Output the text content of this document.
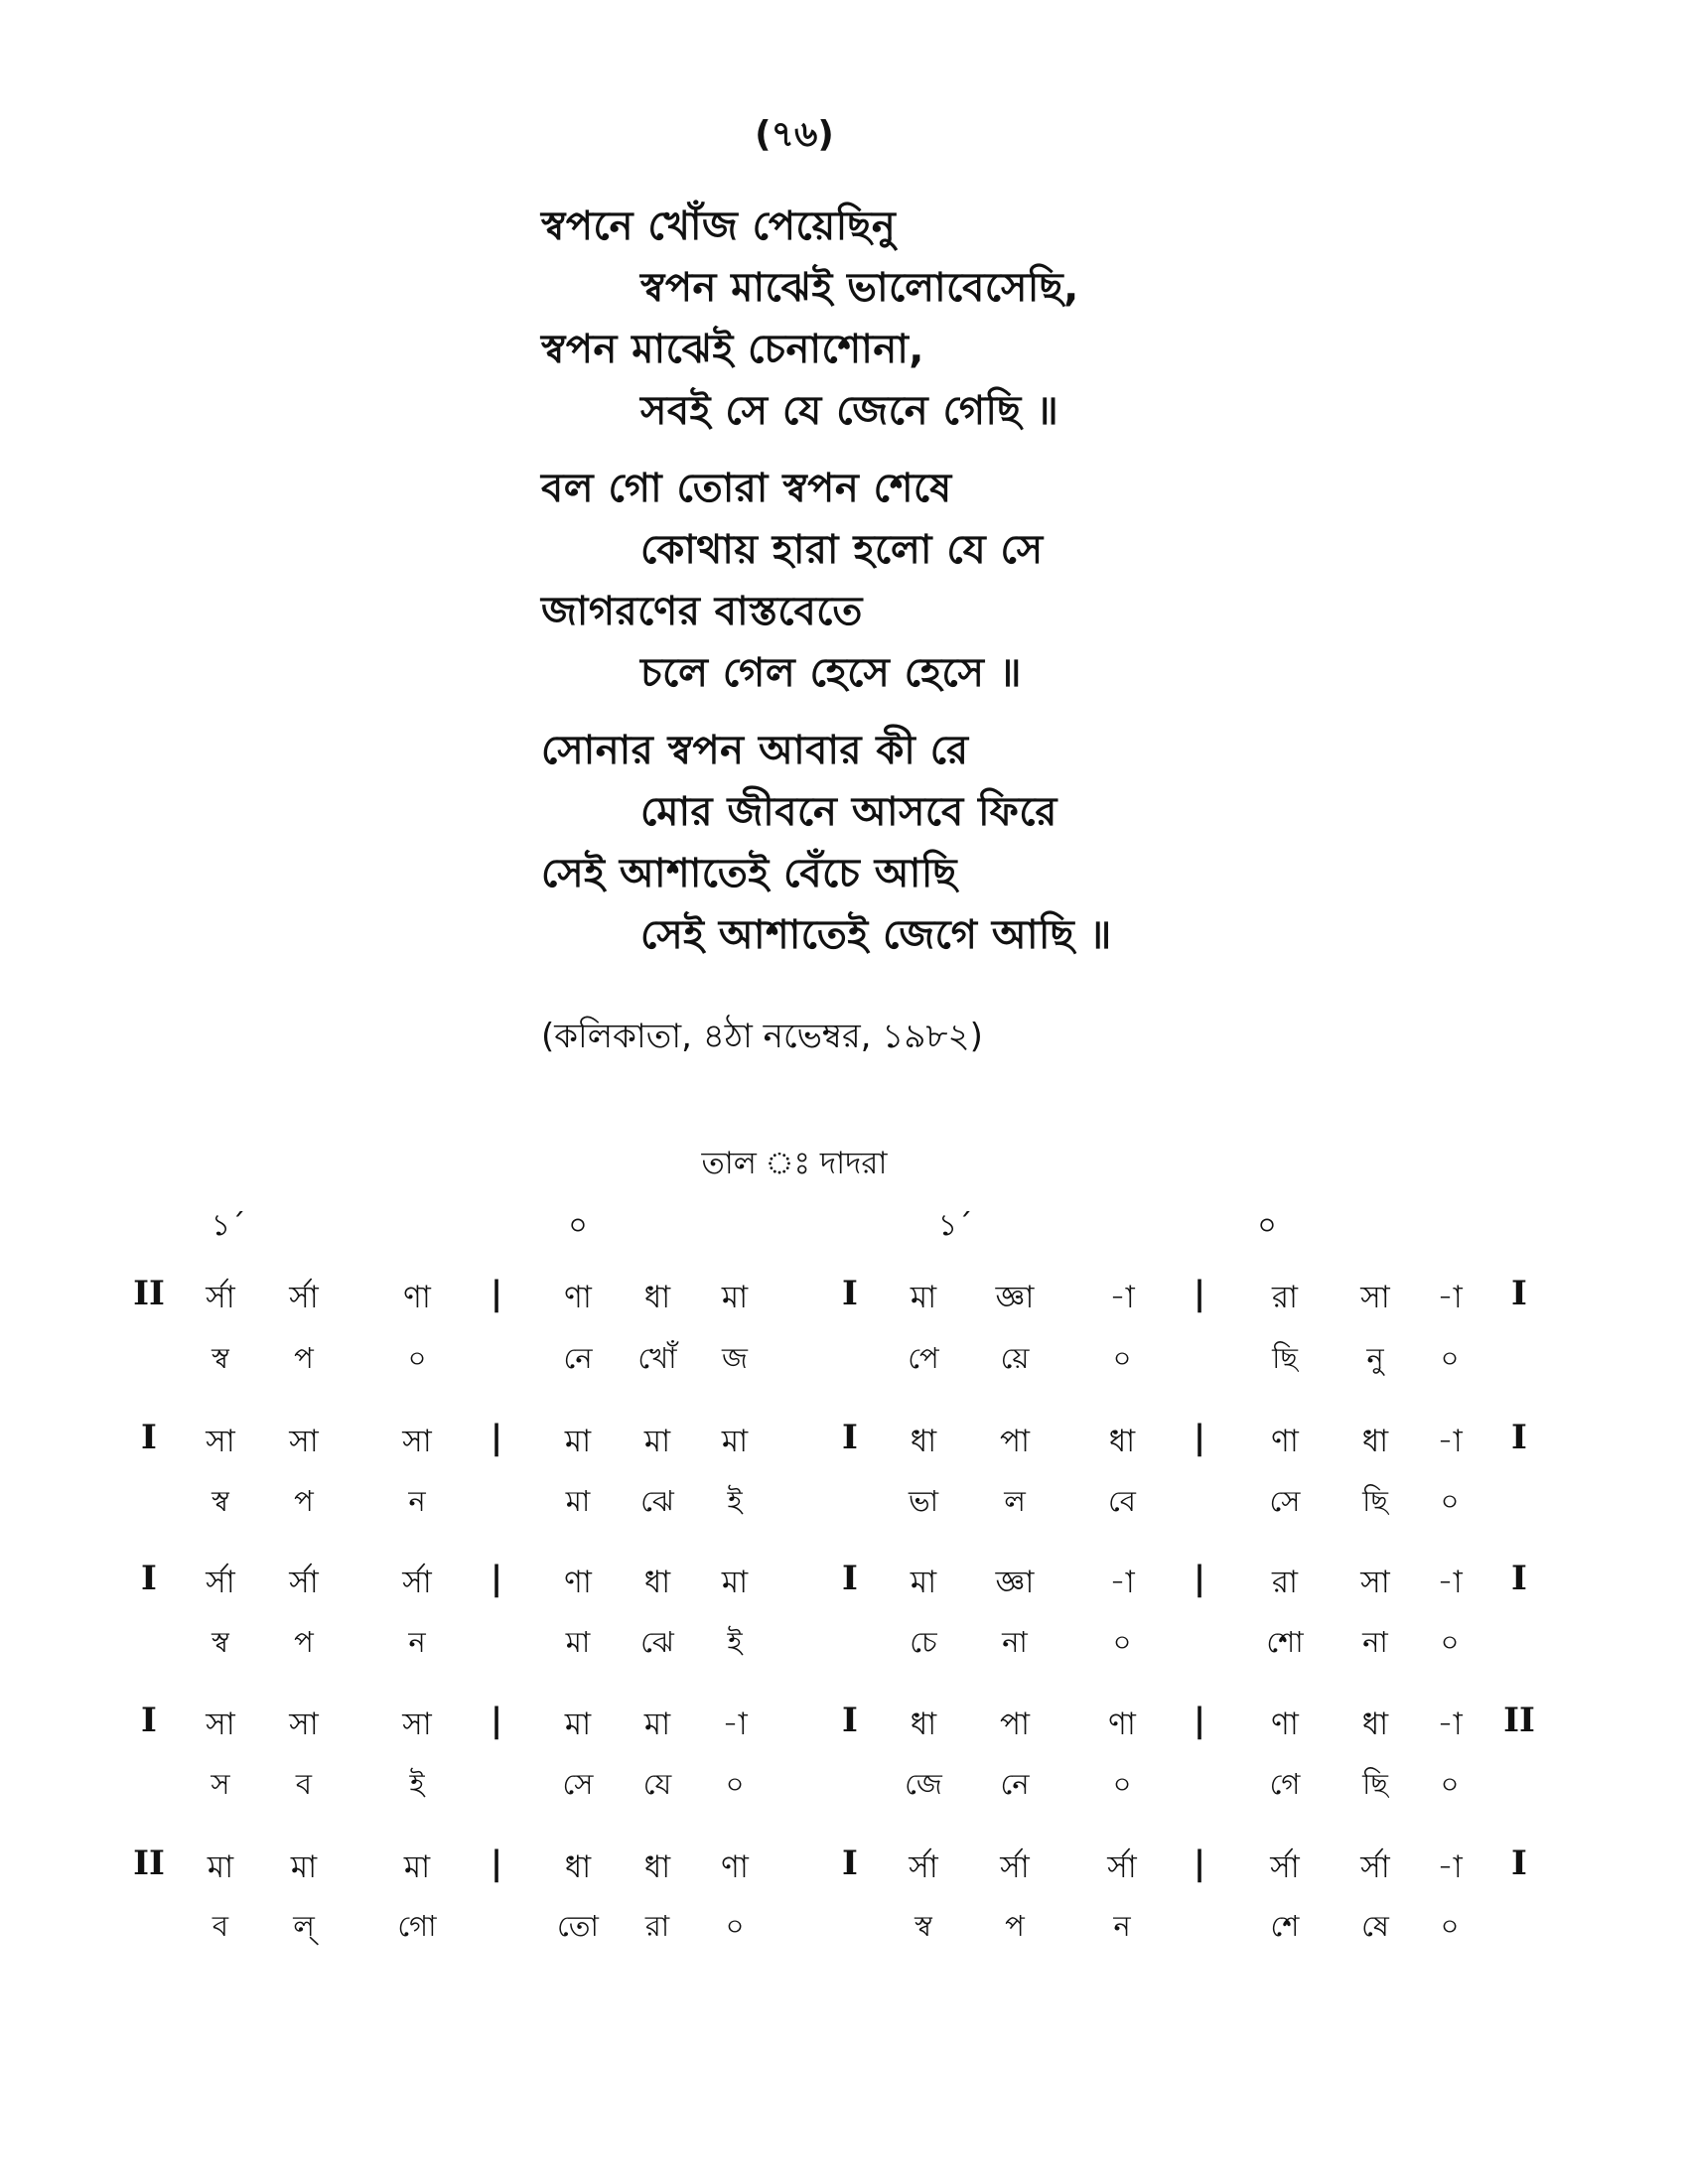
(৭৬)
স্বপনে খোঁজ পেয়েছিনু
স্বপন মাঝেই ভালোবেসেছি,
স্বপন মাঝেই চেনাশোনা,
সবই সে যে জেনে গেছি ॥
বল গো তোরা স্বপন শেষে
কোথায় হারা হলো যে সে
জাগরণের বাস্তবেতে
চলে গেল হেসে হেসে ॥
সোনার স্বপন আবার কী রে
মোর জীবনে আসবে ফিরে
সেই আশাতেই বেঁচে আছি
সেই আশাতেই জেগে আছি ॥
(কলিকাতা, ৪ঠা নভেম্বর, ১৯৮২)
তাল ঃ দাদরা
১´	০	১´	০
II	র্সা	র্সা	ণা	|	ণা	ধা	মা	I	মা	জ্ঞা	-া	|	রা	সা	-া	I
স্ব	প	০	নে	খোঁ	জ	পে	য়ে	০	ছি	নু	০
I	সা	সা	সা	|	মা	মা	মা	I	ধা	পা	ধা	|	ণা	ধা	-া	I
স্ব	প	ন	মা	ঝে	ই	ভা	ল	বে	সে	ছি	০
I	র্সা	র্সা	র্সা	|	ণা	ধা	মা	I	মা	জ্ঞা	-া	|	রা	সা	-া	I
স্ব	প	ন	মা	ঝে	ই	চে	না	০	শো	না	০
I	সা	সা	সা	|	মা	মা	-া	I	ধা	পা	ণা	|	ণা	ধা	-া	II
স	ব	ই	সে	যে	০	জে	নে	০	গে	ছি	০
II	মা	মা	মা	|	ধা	ধা	ণা	I	র্সা	র্সা	র্সা	|	র্সা	র্সা	-া	I
ব	ল্	গো	তো	রা	০	স্ব	প	ন	শে	ষে	০
